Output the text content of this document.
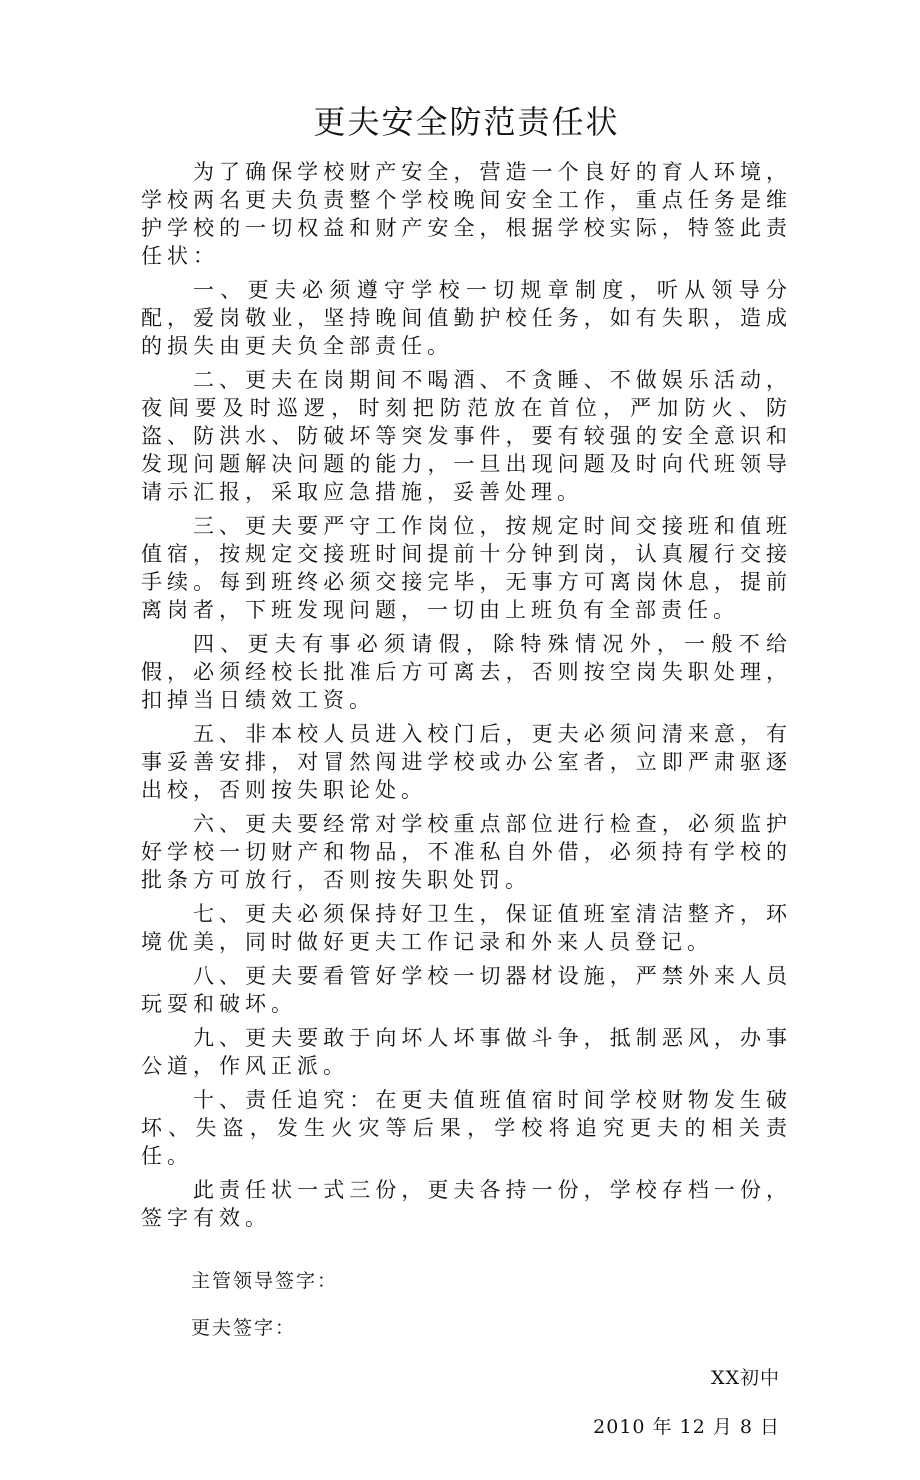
更夫安全防范责任状

为了确保学校财产安全，营造一个良好的育人环境，学校两名更夫负责整个学校晚间安全工作，重点任务是维护学校的一切权益和财产安全，根据学校实际，特签此责任状：

一、更夫必须遵守学校一切规章制度，听从领导分配，爱岗敬业，坚持晚间值勤护校任务，如有失职，造成的损失由更夫负全部责任。

二、更夫在岗期间不喝酒、不贪睡、不做娱乐活动，夜间要及时巡逻，时刻把防范放在首位，严加防火、防盗、防洪水、防破坏等突发事件，要有较强的安全意识和发现问题解决问题的能力，一旦出现问题及时向代班领导请示汇报，采取应急措施，妥善处理。

三、更夫要严守工作岗位，按规定时间交接班和值班值宿，按规定交接班时间提前十分钟到岗，认真履行交接手续。每到班终必须交接完毕，无事方可离岗休息，提前离岗者，下班发现问题，一切由上班负有全部责任。

四、更夫有事必须请假，除特殊情况外，一般不给假，必须经校长批准后方可离去，否则按空岗失职处理，扣掉当日绩效工资。

五、非本校人员进入校门后，更夫必须问清来意，有事妥善安排，对冒然闯进学校或办公室者，立即严肃驱逐出校，否则按失职论处。

六、更夫要经常对学校重点部位进行检查，必须监护好学校一切财产和物品，不准私自外借，必须持有学校的批条方可放行，否则按失职处罚。

七、更夫必须保持好卫生，保证值班室清洁整齐，环境优美，同时做好更夫工作记录和外来人员登记。

八、更夫要看管好学校一切器材设施，严禁外来人员玩耍和破坏。

九、更夫要敢于向坏人坏事做斗争，抵制恶风，办事公道，作风正派。

十、责任追究：在更夫值班值宿时间学校财物发生破坏、失盗，发生火灾等后果，学校将追究更夫的相关责任。

此责任状一式三份，更夫各持一份，学校存档一份，签字有效。

主管领导签字：
更夫签字：
XX初中
2010 年 12 月 8 日
